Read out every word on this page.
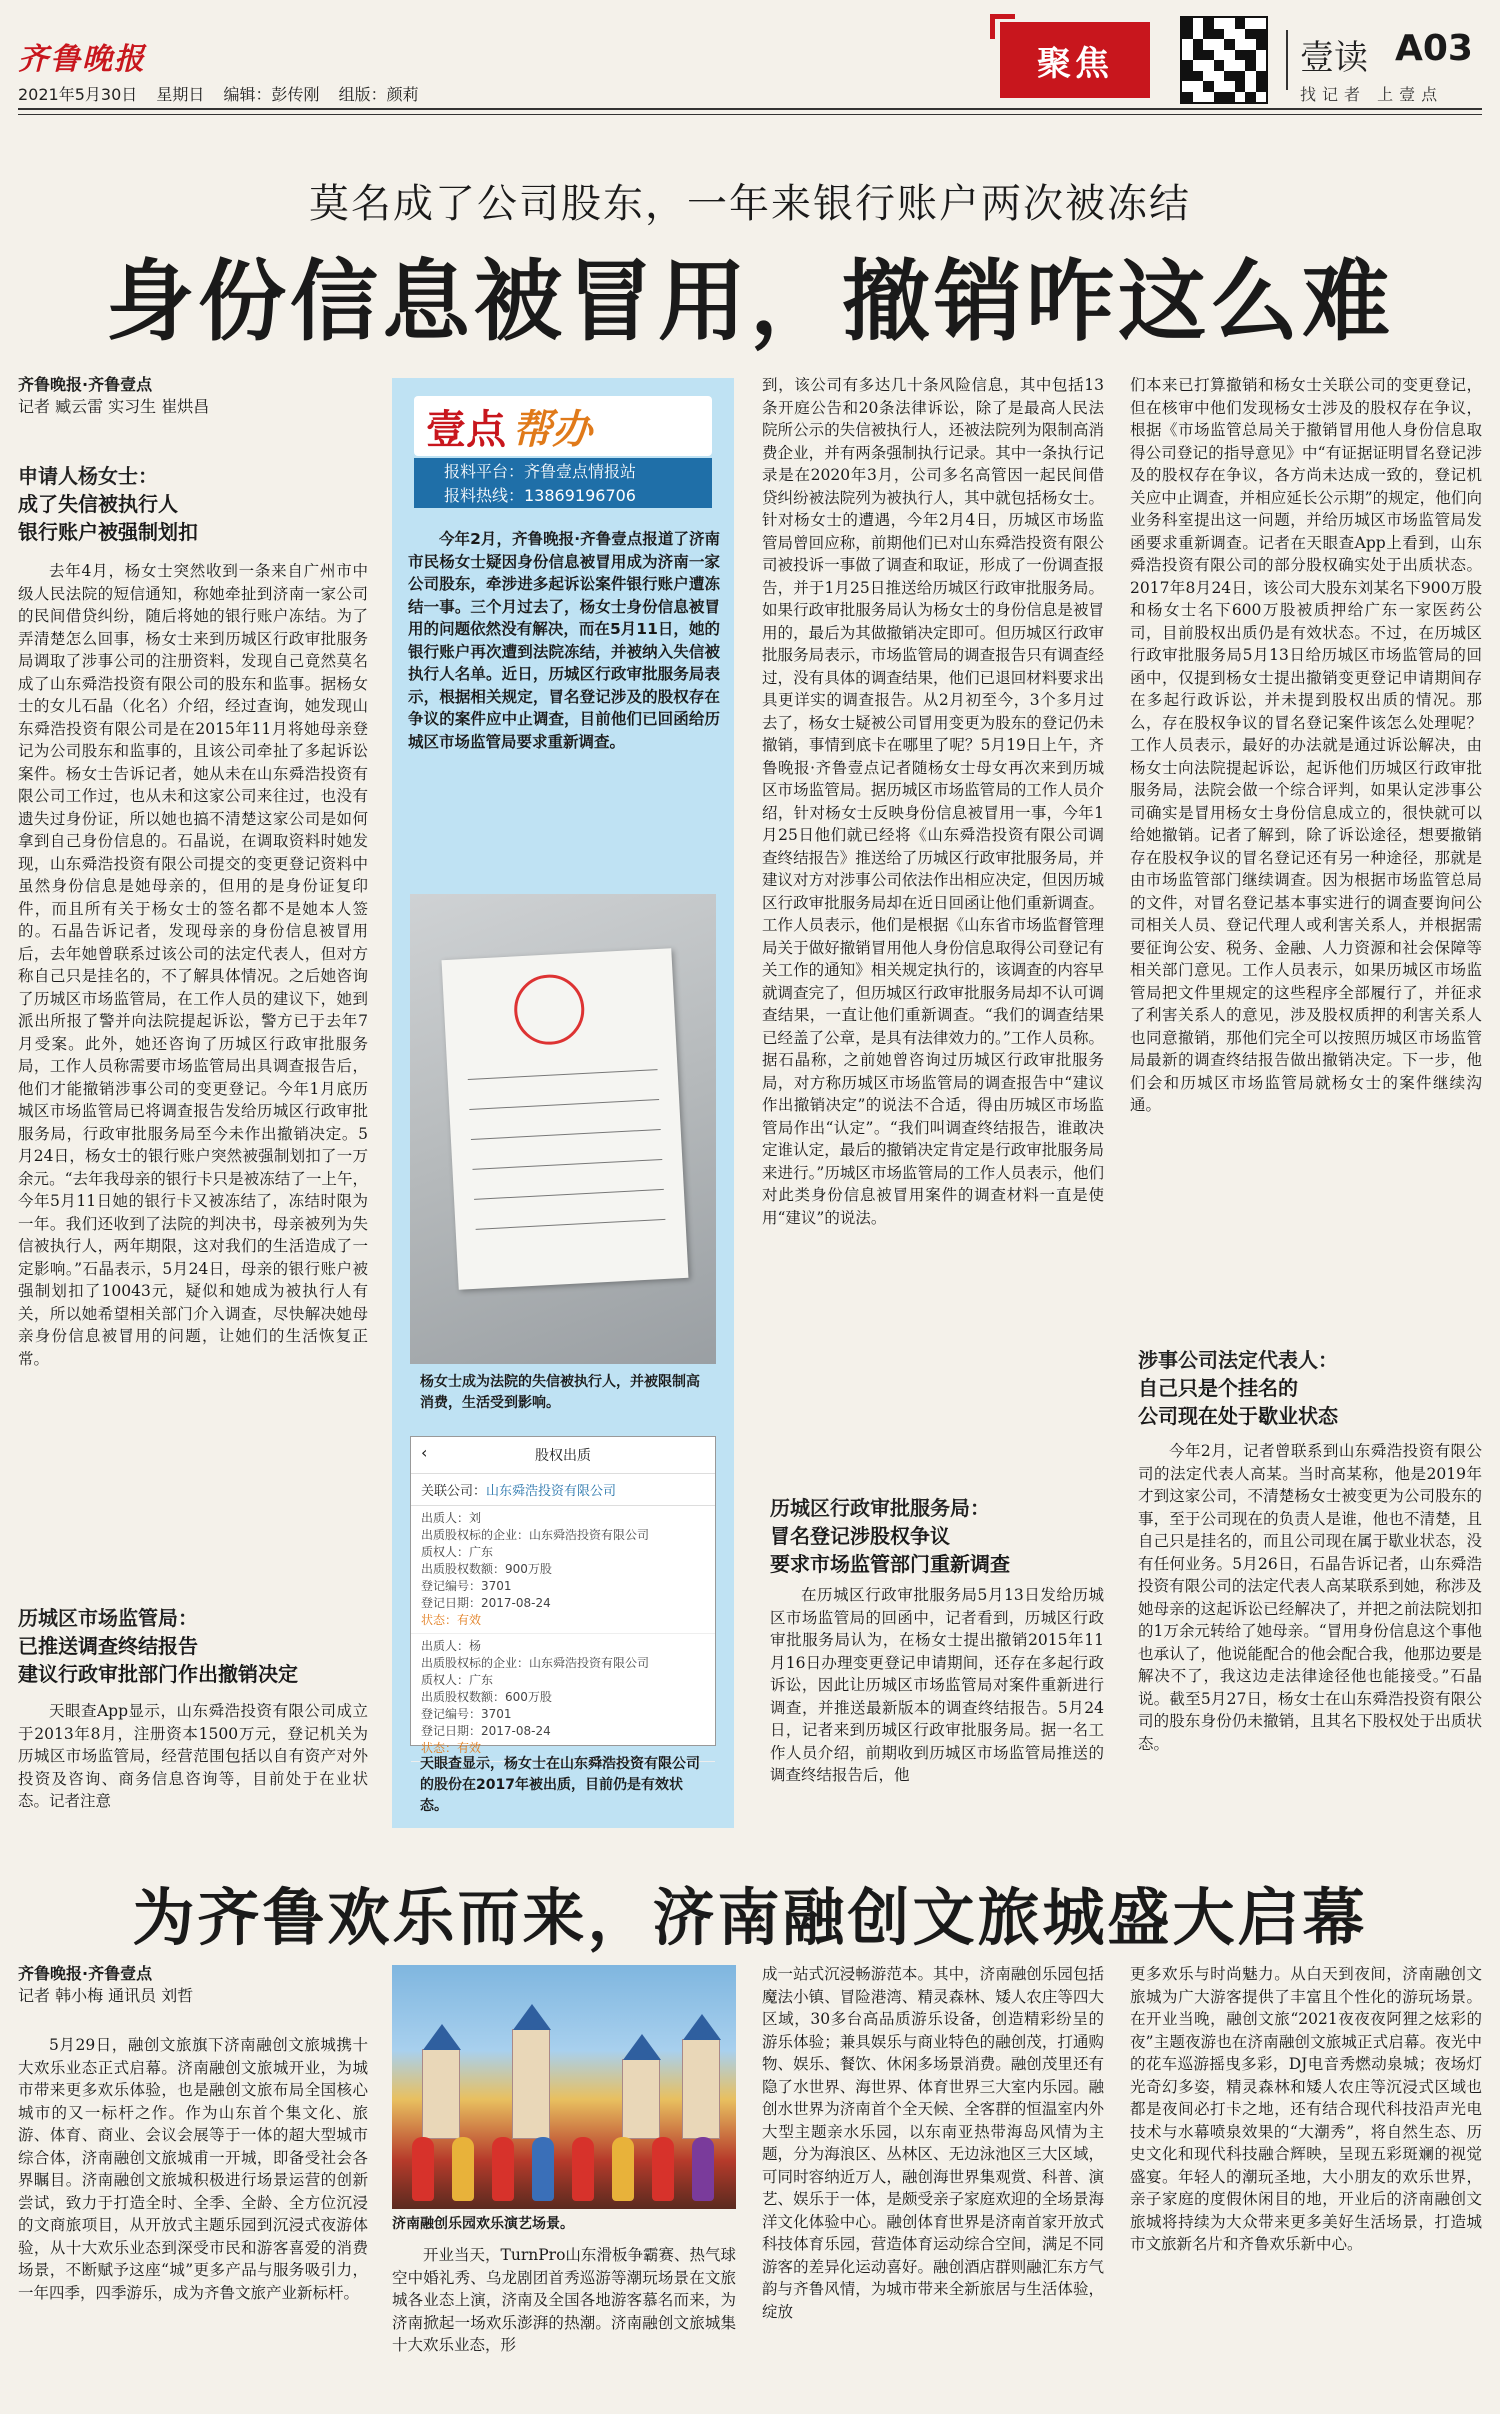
齐鲁晚报
2021年5月30日 星期日 编辑：彭传刚 组版：颜莉
聚焦	壹读 A03
找记者 上壹点
莫名成了公司股东，一年来银行账户两次被冻结
身份信息被冒用，撤销咋这么难
齐鲁晚报·齐鲁壹点
记者 臧云雷 实习生 崔烘昌
申请人杨女士：
成了失信被执行人
银行账户被强制划扣
去年4月，杨女士突然收到一条来自广州市中级人民法院的短信通知，称她牵扯到济南一家公司的民间借贷纠纷，随后将她的银行账户冻结。为了弄清楚怎么回事，杨女士来到历城区行政审批服务局调取了涉事公司的注册资料，发现自己竟然莫名成了山东舜浩投资有限公司的股东和监事。据杨女士的女儿石晶（化名）介绍，经过查询，她发现山东舜浩投资有限公司是在2015年11月将她母亲登记为公司股东和监事的，且该公司牵扯了多起诉讼案件。杨女士告诉记者，她从未在山东舜浩投资有限公司工作过，也从未和这家公司来往过，也没有遗失过身份证，所以她也搞不清楚这家公司是如何拿到自己身份信息的。石晶说，在调取资料时她发现，山东舜浩投资有限公司提交的变更登记资料中虽然身份信息是她母亲的，但用的是身份证复印件，而且所有关于杨女士的签名都不是她本人签的。石晶告诉记者，发现母亲的身份信息被冒用后，去年她曾联系过该公司的法定代表人，但对方称自己只是挂名的，不了解具体情况。之后她咨询了历城区市场监管局，在工作人员的建议下，她到派出所报了警并向法院提起诉讼，警方已于去年7月受案。此外，她还咨询了历城区行政审批服务局，工作人员称需要市场监管局出具调查报告后，他们才能撤销涉事公司的变更登记。今年1月底历城区市场监管局已将调查报告发给历城区行政审批服务局，行政审批服务局至今未作出撤销决定。5月24日，杨女士的银行账户突然被强制划扣了一万余元。“去年我母亲的银行卡只是被冻结了一上午，今年5月11日她的银行卡又被冻结了，冻结时限为一年。我们还收到了法院的判决书，母亲被列为失信被执行人，两年期限，这对我们的生活造成了一定影响。”石晶表示，5月24日，母亲的银行账户被强制划扣了10043元，疑似和她成为被执行人有关，所以她希望相关部门介入调查，尽快解决她母亲身份信息被冒用的问题，让她们的生活恢复正常。
历城区市场监管局：
已推送调查终结报告
建议行政审批部门作出撤销决定
天眼查App显示，山东舜浩投资有限公司成立于2013年8月，注册资本1500万元，登记机关为历城区市场监管局，经营范围包括以自有资产对外投资及咨询、商务信息咨询等，目前处于在业状态。记者注意
壹点 帮办
报料平台：齐鲁壹点情报站
报料热线：13869196706
今年2月，齐鲁晚报·齐鲁壹点报道了济南市民杨女士疑因身份信息被冒用成为济南一家公司股东，牵涉进多起诉讼案件银行账户遭冻结一事。三个月过去了，杨女士身份信息被冒用的问题依然没有解决，而在5月11日，她的银行账户再次遭到法院冻结，并被纳入失信被执行人名单。近日，历城区行政审批服务局表示，根据相关规定，冒名登记涉及的股权存在争议的案件应中止调查，目前他们已回函给历城区市场监管局要求重新调查。
杨女士成为法院的失信被执行人，并被限制高消费，生活受到影响。
‹	股权出质
关联公司：山东舜浩投资有限公司
出质人：刘
出质股权标的企业：山东舜浩投资有限公司
质权人：广东
出质股权数额：900万股
登记编号：3701
登记日期：2017-08-24
状态：有效
出质人：杨
出质股权标的企业：山东舜浩投资有限公司
质权人：广东
出质股权数额：600万股
登记编号：3701
登记日期：2017-08-24
状态：有效
天眼查显示，杨女士在山东舜浩投资有限公司的股份在2017年被出质，目前仍是有效状态。
到，该公司有多达几十条风险信息，其中包括13条开庭公告和20条法律诉讼，除了是最高人民法院所公示的失信被执行人，还被法院列为限制高消费企业，并有两条强制执行记录。其中一条执行记录是在2020年3月，公司多名高管因一起民间借贷纠纷被法院列为被执行人，其中就包括杨女士。针对杨女士的遭遇，今年2月4日，历城区市场监管局曾回应称，前期他们已对山东舜浩投资有限公司被投诉一事做了调查和取证，形成了一份调查报告，并于1月25日推送给历城区行政审批服务局。如果行政审批服务局认为杨女士的身份信息是被冒用的，最后为其做撤销决定即可。但历城区行政审批服务局表示，市场监管局的调查报告只有调查经过，没有具体的调查结果，他们已退回材料要求出具更详实的调查报告。从2月初至今，3个多月过去了，杨女士疑被公司冒用变更为股东的登记仍未撤销，事情到底卡在哪里了呢？5月19日上午，齐鲁晚报·齐鲁壹点记者随杨女士母女再次来到历城区市场监管局。据历城区市场监管局的工作人员介绍，针对杨女士反映身份信息被冒用一事，今年1月25日他们就已经将《山东舜浩投资有限公司调查终结报告》推送给了历城区行政审批服务局，并建议对方对涉事公司依法作出相应决定，但因历城区行政审批服务局却在近日回函让他们重新调查。工作人员表示，他们是根据《山东省市场监督管理局关于做好撤销冒用他人身份信息取得公司登记有关工作的通知》相关规定执行的，该调查的内容早就调查完了，但历城区行政审批服务局却不认可调查结果，一直让他们重新调查。“我们的调查结果已经盖了公章，是具有法律效力的。”工作人员称。据石晶称，之前她曾咨询过历城区行政审批服务局，对方称历城区市场监管局的调查报告中“建议作出撤销决定”的说法不合适，得由历城区市场监管局作出“认定”。“我们叫调查终结报告，谁敢决定谁认定，最后的撤销决定肯定是行政审批服务局来进行。”历城区市场监管局的工作人员表示，他们对此类身份信息被冒用案件的调查材料一直是使用“建议”的说法。
历城区行政审批服务局：
冒名登记涉股权争议
要求市场监管部门重新调查
在历城区行政审批服务局5月13日发给历城区市场监管局的回函中，记者看到，历城区行政审批服务局认为，在杨女士提出撤销2015年11月16日办理变更登记申请期间，还存在多起行政诉讼，因此让历城区市场监管局对案件重新进行调查，并推送最新版本的调查终结报告。5月24日，记者来到历城区行政审批服务局。据一名工作人员介绍，前期收到历城区市场监管局推送的调查终结报告后，他
们本来已打算撤销和杨女士关联公司的变更登记，但在核审中他们发现杨女士涉及的股权存在争议，根据《市场监管总局关于撤销冒用他人身份信息取得公司登记的指导意见》中“有证据证明冒名登记涉及的股权存在争议，各方尚未达成一致的，登记机关应中止调查，并相应延长公示期”的规定，他们向业务科室提出这一问题，并给历城区市场监管局发函要求重新调查。记者在天眼查App上看到，山东舜浩投资有限公司的部分股权确实处于出质状态。2017年8月24日，该公司大股东刘某名下900万股和杨女士名下600万股被质押给广东一家医药公司，目前股权出质仍是有效状态。不过，在历城区行政审批服务局5月13日给历城区市场监管局的回函中，仅提到杨女士提出撤销变更登记申请期间存在多起行政诉讼，并未提到股权出质的情况。那么，存在股权争议的冒名登记案件该怎么处理呢？工作人员表示，最好的办法就是通过诉讼解决，由杨女士向法院提起诉讼，起诉他们历城区行政审批服务局，法院会做一个综合评判，如果认定涉事公司确实是冒用杨女士身份信息成立的，很快就可以给她撤销。记者了解到，除了诉讼途径，想要撤销存在股权争议的冒名登记还有另一种途径，那就是由市场监管部门继续调查。因为根据市场监管总局的文件，对冒名登记基本事实进行的调查要询问公司相关人员、登记代理人或利害关系人，并根据需要征询公安、税务、金融、人力资源和社会保障等相关部门意见。工作人员表示，如果历城区市场监管局把文件里规定的这些程序全部履行了，并征求了利害关系人的意见，涉及股权质押的利害关系人也同意撤销，那他们完全可以按照历城区市场监管局最新的调查终结报告做出撤销决定。下一步，他们会和历城区市场监管局就杨女士的案件继续沟通。
涉事公司法定代表人：
自己只是个挂名的
公司现在处于歇业状态
今年2月，记者曾联系到山东舜浩投资有限公司的法定代表人高某。当时高某称，他是2019年才到这家公司，不清楚杨女士被变更为公司股东的事，至于公司现在的负责人是谁，他也不清楚，且自己只是挂名的，而且公司现在属于歇业状态，没有任何业务。5月26日，石晶告诉记者，山东舜浩投资有限公司的法定代表人高某联系到她，称涉及她母亲的这起诉讼已经解决了，并把之前法院划扣的1万余元转给了她母亲。“冒用身份信息这个事他也承认了，他说能配合的他会配合我，他那边要是解决不了，我这边走法律途径他也能接受。”石晶说。截至5月27日，杨女士在山东舜浩投资有限公司的股东身份仍未撤销，且其名下股权处于出质状态。
为齐鲁欢乐而来，济南融创文旅城盛大启幕
齐鲁晚报·齐鲁壹点
记者 韩小梅 通讯员 刘哲
5月29日，融创文旅旗下济南融创文旅城携十大欢乐业态正式启幕。济南融创文旅城开业，为城市带来更多欢乐体验，也是融创文旅布局全国核心城市的又一标杆之作。作为山东首个集文化、旅游、体育、商业、会议会展等于一体的超大型城市综合体，济南融创文旅城甫一开城，即备受社会各界瞩目。济南融创文旅城积极进行场景运营的创新尝试，致力于打造全时、全季、全龄、全方位沉浸的文商旅项目，从开放式主题乐园到沉浸式夜游体验，从十大欢乐业态到深受市民和游客喜爱的消费场景，不断赋予这座“城”更多产品与服务吸引力，一年四季，四季游乐，成为齐鲁文旅产业新标杆。
济南融创乐园欢乐演艺场景。
开业当天，TurnPro山东滑板争霸赛、热气球空中婚礼秀、乌龙剧团首秀巡游等潮玩场景在文旅城各业态上演，济南及全国各地游客慕名而来，为济南掀起一场欢乐澎湃的热潮。济南融创文旅城集十大欢乐业态，形
成一站式沉浸畅游范本。其中，济南融创乐园包括魔法小镇、冒险港湾、精灵森林、矮人农庄等四大区域，30多台高品质游乐设备，创造精彩纷呈的游乐体验；兼具娱乐与商业特色的融创茂，打通购物、娱乐、餐饮、休闲多场景消费。融创茂里还有隐了水世界、海世界、体育世界三大室内乐园。融创水世界为济南首个全天候、全客群的恒温室内外大型主题亲水乐园，以东南亚热带海岛风情为主题，分为海浪区、丛林区、无边泳池区三大区域，可同时容纳近万人，融创海世界集观赏、科普、演艺、娱乐于一体，是颇受亲子家庭欢迎的全场景海洋文化体验中心。融创体育世界是济南首家开放式科技体育乐园，营造体育运动综合空间，满足不同游客的差异化运动喜好。融创酒店群则融汇东方气韵与齐鲁风情，为城市带来全新旅居与生活体验，绽放
更多欢乐与时尚魅力。从白天到夜间，济南融创文旅城为广大游客提供了丰富且个性化的游玩场景。在开业当晚，融创文旅“2021夜夜夜阿狸之炫彩的夜”主题夜游也在济南融创文旅城正式启幕。夜光中的花车巡游摇曳多彩，DJ电音秀燃动泉城；夜场灯光奇幻多姿，精灵森林和矮人农庄等沉浸式区域也都是夜间必打卡之地，还有结合现代科技沿声光电技术与水幕喷泉效果的“大潮秀”，将自然生态、历史文化和现代科技融合辉映，呈现五彩斑斓的视觉盛宴。年轻人的潮玩圣地，大小朋友的欢乐世界，亲子家庭的度假休闲目的地，开业后的济南融创文旅城将持续为大众带来更多美好生活场景，打造城市文旅新名片和齐鲁欢乐新中心。
